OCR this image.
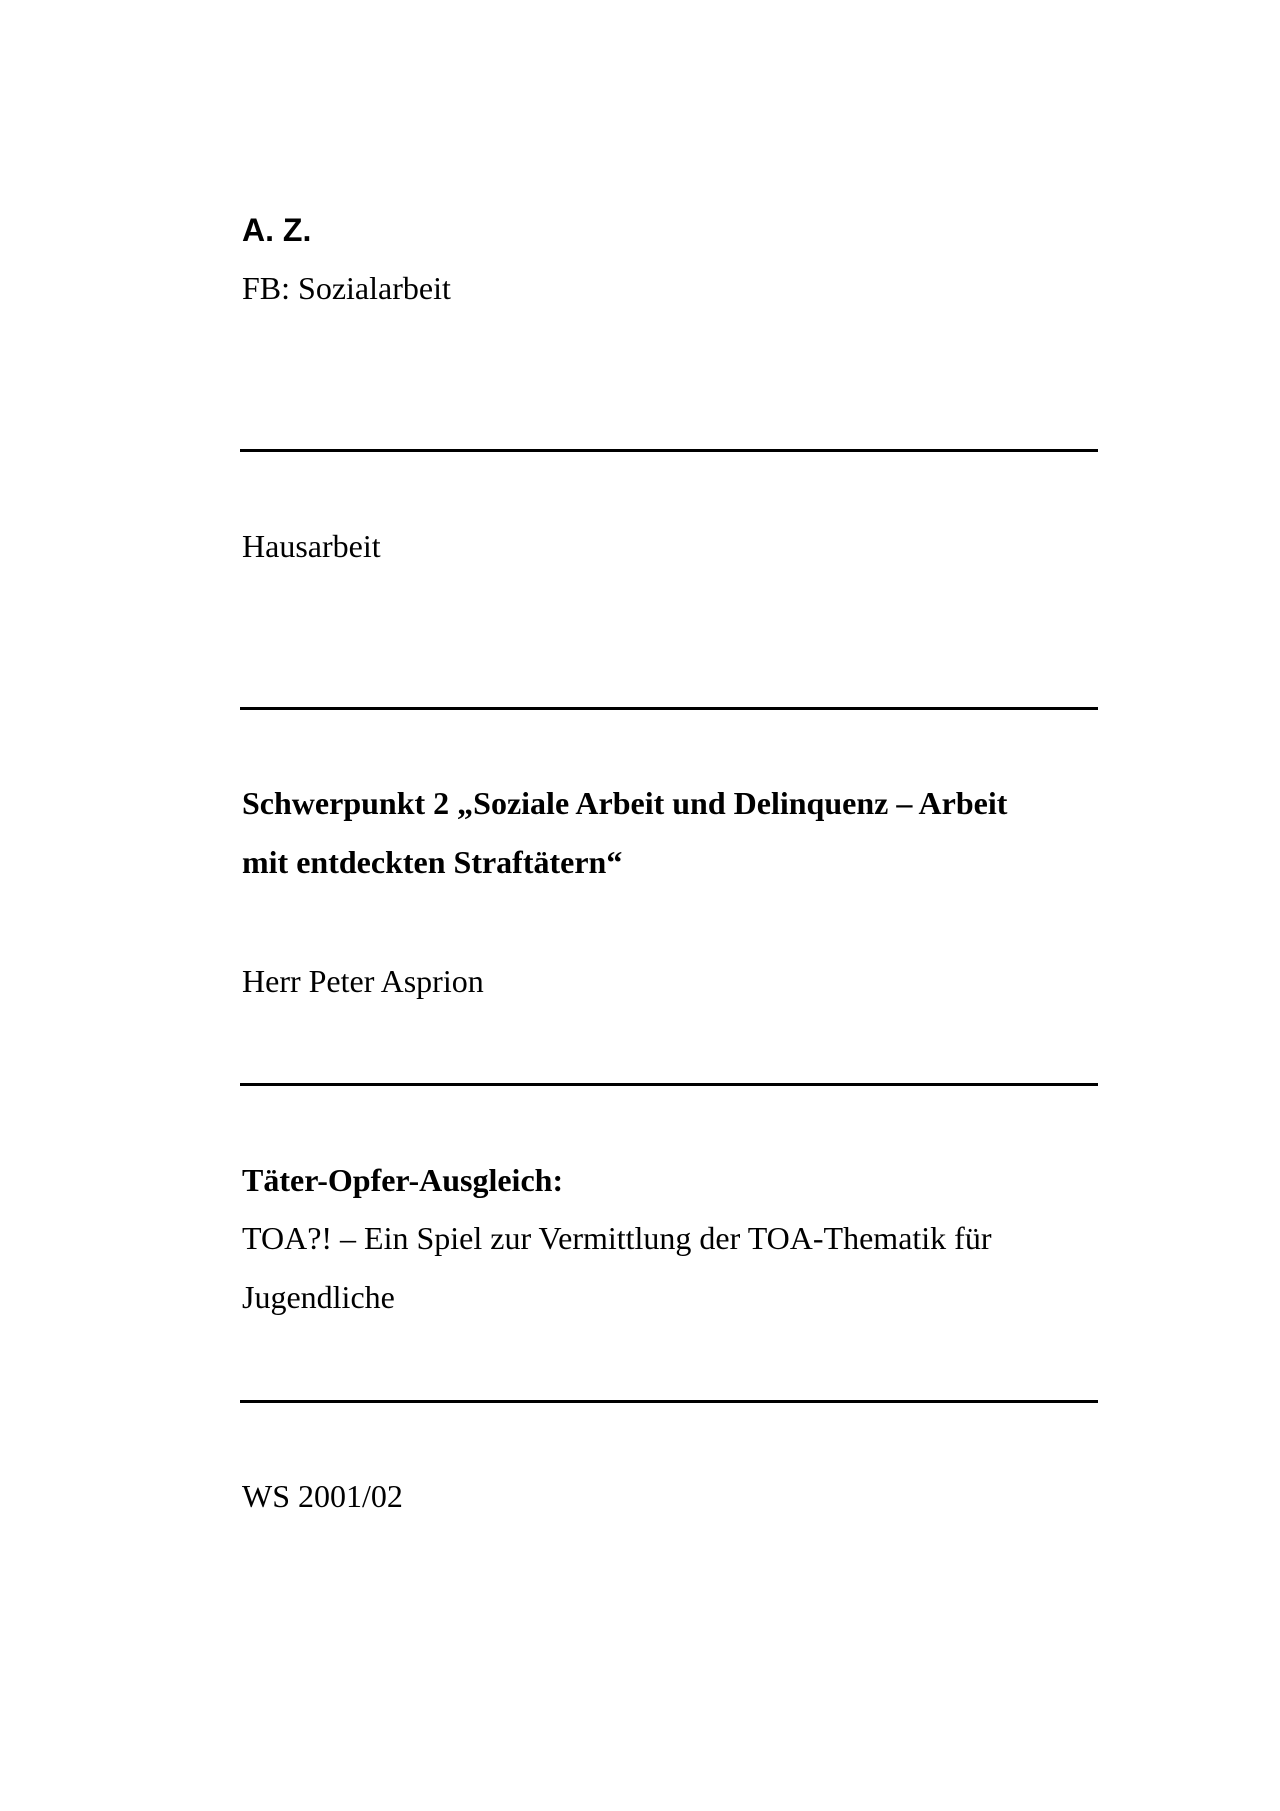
A. Z.

FB: Sozialarbeit

Hausarbeit

Schwerpunkt 2 „Soziale Arbeit und Delinquenz – Arbeit

mit entdeckten Straftätern“

Herr Peter Asprion

Täter-Opfer-Ausgleich:

TOA?! – Ein Spiel zur Vermittlung der TOA-Thematik für

Jugendliche

WS 2001/02
